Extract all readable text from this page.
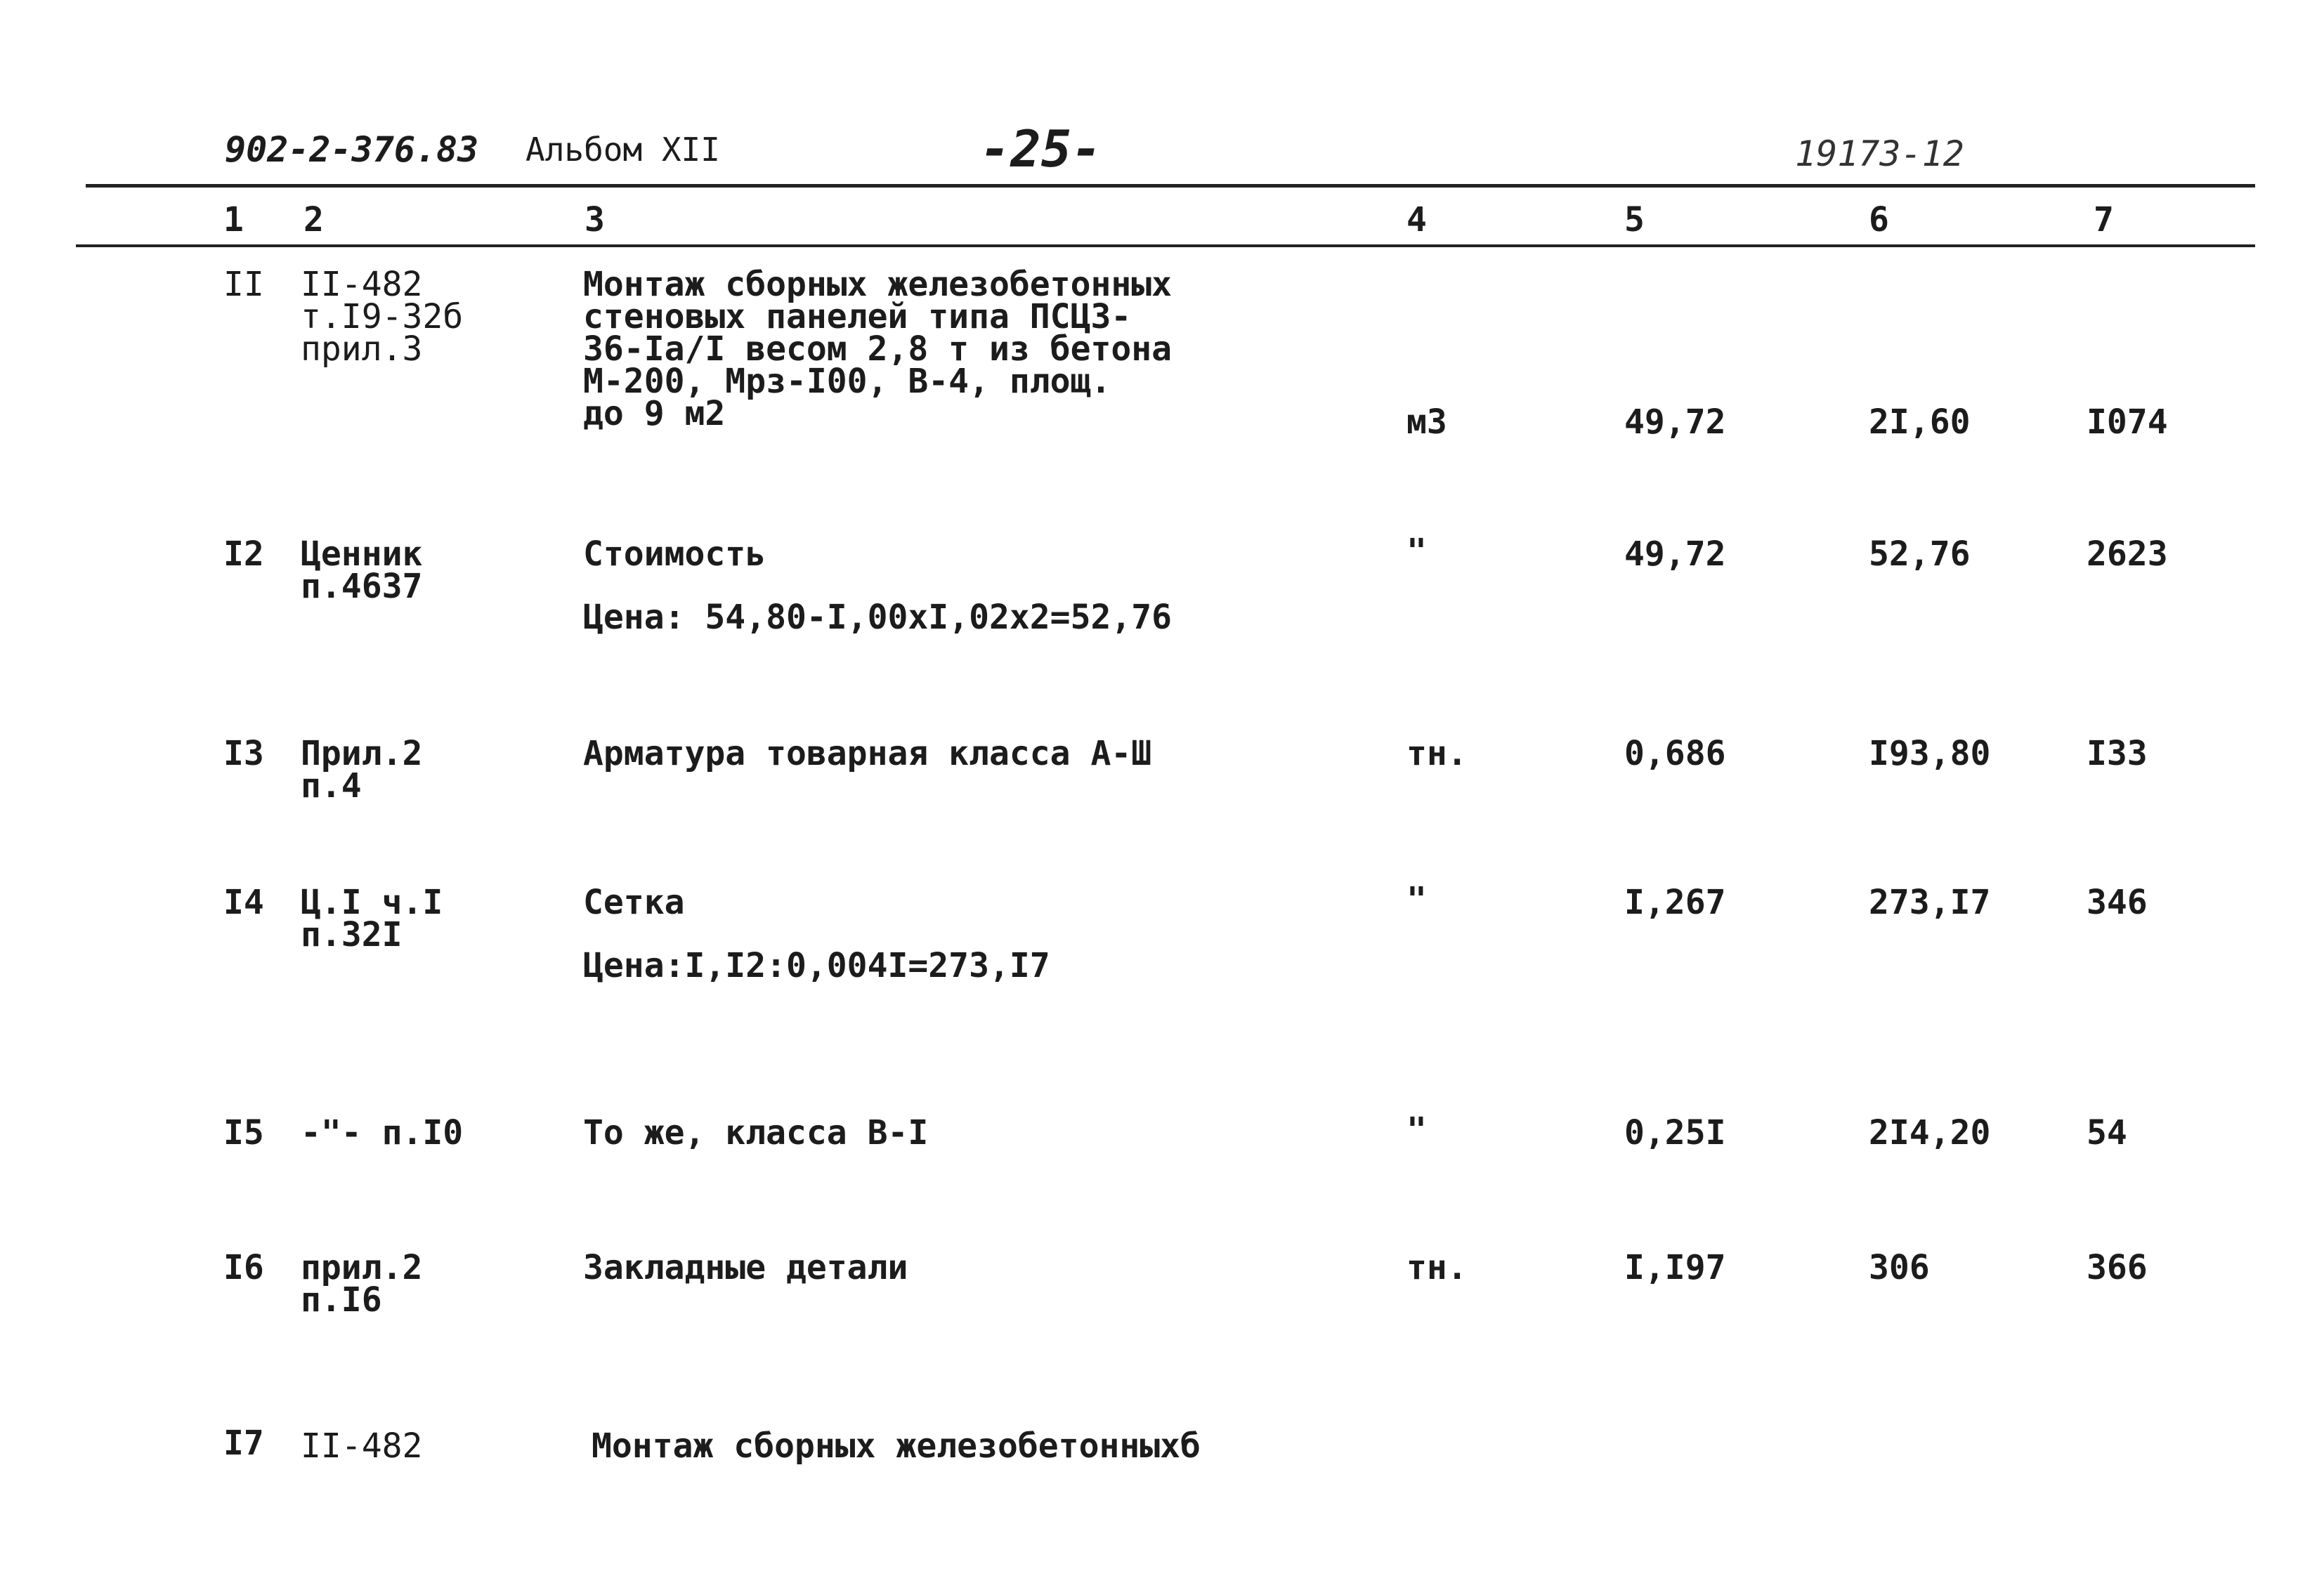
902-2-376.83 Альбом XII	-25-	19173-12
1 2	3	4	5	6	7
II II-482
т.I9-32б
прил.3
Монтаж сборных железобетонных
стеновых панелей типа ПСЦЗ-
36-Iа/I весом 2,8 т из бетона
М-200, Мрз-I00, В-4, площ.
до 9 м2	м3	49,72	2I,60	I074
I2 Ценник
п.4637
Стоимость
Цена: 54,80-I,00хI,02х2=52,76
"	49,72	52,76	2623
I3 Прил.2
п.4
Арматура товарная класса А-Ш	тн.	0,686	I93,80	I33
I4 Ц.I ч.I
п.32I
Сетка
Цена:I,I2:0,004I=273,I7
"	I,267	273,I7	346
I5 -"- п.I0	То же, класса В-I	"	0,25I	2I4,20	54
I6 прил.2
п.I6
Закладные детали	тн.	I,I97	306	366
I7 II-482	Монтаж сборных железобетонныхб
